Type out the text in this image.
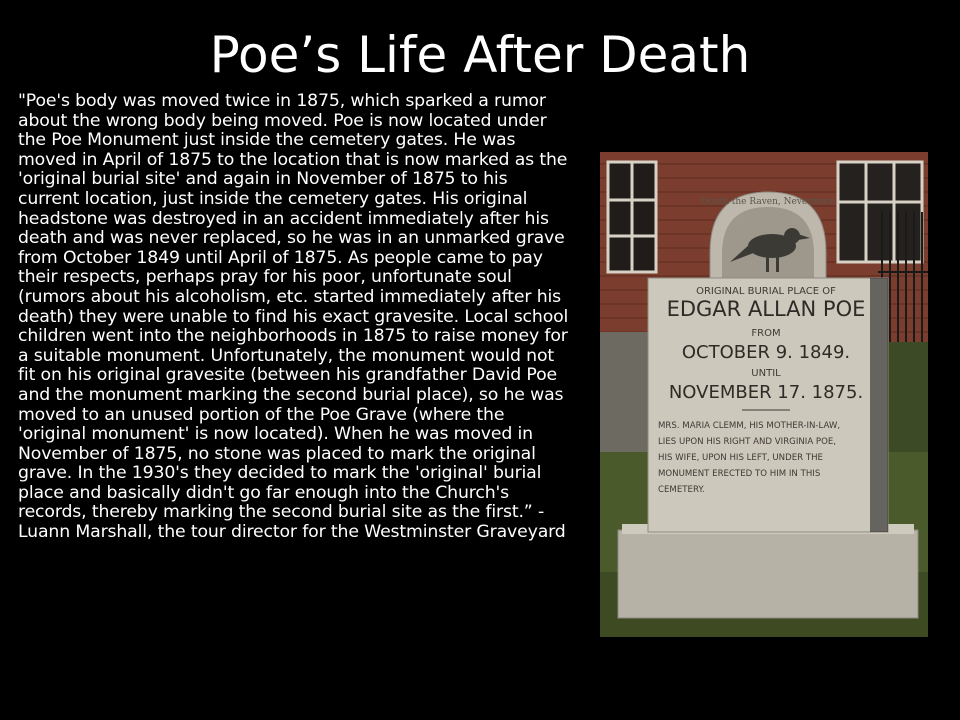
Poe’s Life After Death

"Poe's body was moved twice in 1875, which sparked a rumor about the wrong body being moved. Poe is now located under the Poe Monument just inside the cemetery gates. He was moved in April of 1875 to the location that is now marked as the 'original burial site' and again in November of 1875 to his current location, just inside the cemetery gates. His original headstone was destroyed in an accident immediately after his death and was never replaced, so he was in an unmarked grave from October 1849 until April of 1875. As people came to pay their respects, perhaps pray for his poor, unfortunate soul (rumors about his alcoholism, etc. started immediately after his death) they were unable to find his exact gravesite. Local school children went into the neighborhoods in 1875 to raise money for a suitable monument. Unfortunately, the monument would not fit on his original gravesite (between his grandfather David Poe and the monument marking the second burial place), so he was moved to an unused portion of the Poe Grave (where the 'original monument' is now located). When he was moved in November of 1875, no stone was placed to mark the original grave. In the 1930's they decided to mark the 'original' burial place and basically didn't go far enough into the Church's records, thereby marking the second burial site as the first.” - Luann Marshall, the tour director for the Westminster Graveyard

Quoth the Raven, Nevermore
ORIGINAL BURIAL PLACE OF
EDGAR ALLAN POE
FROM
OCTOBER 9. 1849.
UNTIL
NOVEMBER 17. 1875.
MRS. MARIA CLEMM, HIS MOTHER-IN-LAW,
LIES UPON HIS RIGHT AND VIRGINIA POE,
HIS WIFE, UPON HIS LEFT, UNDER THE
MONUMENT ERECTED TO HIM IN THIS
CEMETERY.
